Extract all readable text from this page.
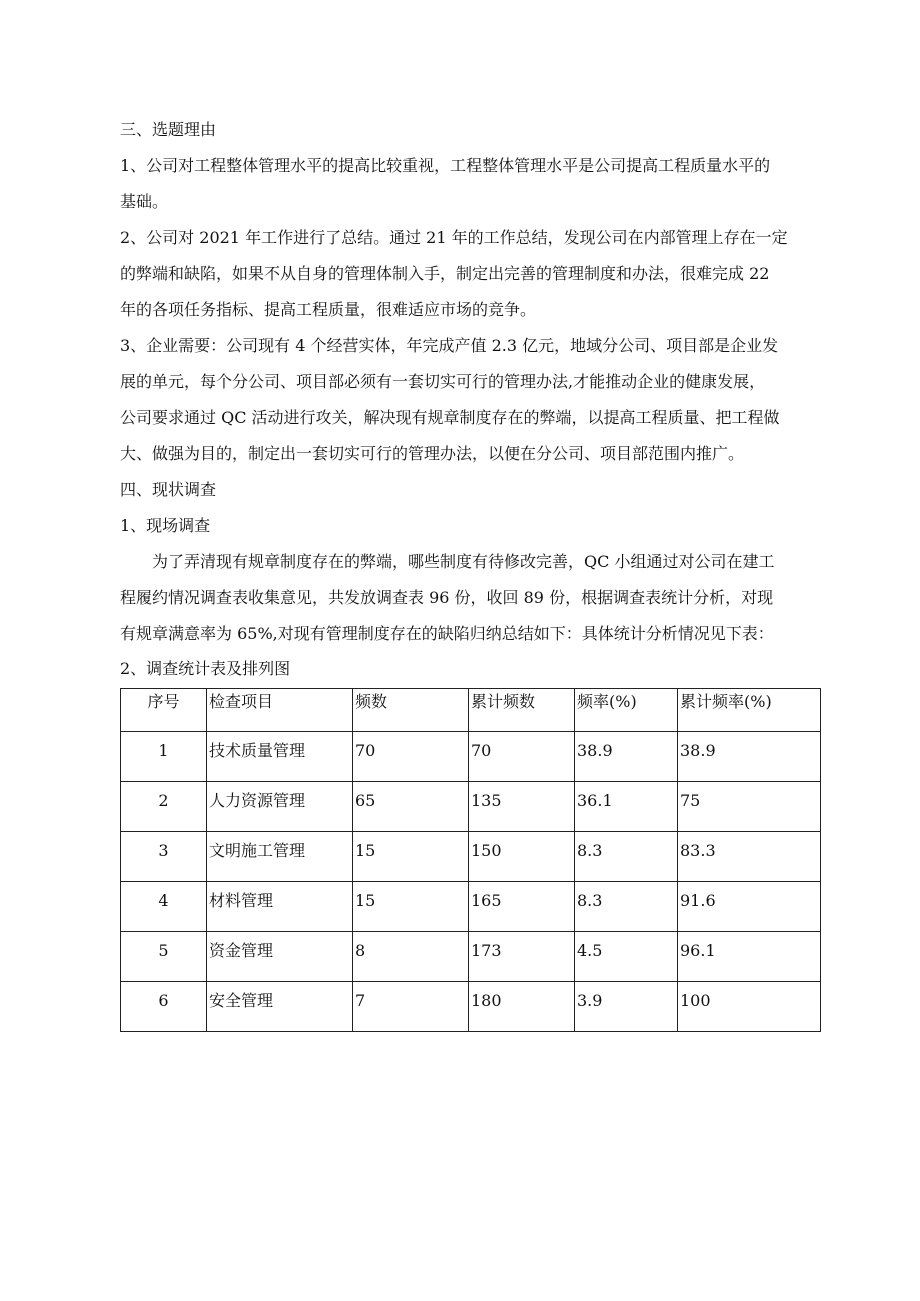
三、选题理由
1、公司对工程整体管理水平的提高比较重视，工程整体管理水平是公司提高工程质量水平的
基础。
2、公司对 2021 年工作进行了总结。通过 21 年的工作总结，发现公司在内部管理上存在一定
的弊端和缺陷，如果不从自身的管理体制入手，制定出完善的管理制度和办法，很难完成 22
年的各项任务指标、提高工程质量，很难适应市场的竞争。
3、企业需要：公司现有 4 个经营实体，年完成产值 2.3 亿元，地域分公司、项目部是企业发
展的单元，每个分公司、项目部必须有一套切实可行的管理办法,才能推动企业的健康发展，
公司要求通过 QC 活动进行攻关，解决现有规章制度存在的弊端，以提高工程质量、把工程做
大、做强为目的，制定出一套切实可行的管理办法，以便在分公司、项目部范围内推广。
四、现状调查
1、现场调查
为了弄清现有规章制度存在的弊端，哪些制度有待修改完善，QC 小组通过对公司在建工
程履约情况调查表收集意见，共发放调查表 96 份，收回 89 份，根据调查表统计分析，对现
有规章满意率为 65%,对现有管理制度存在的缺陷归纳总结如下：具体统计分析情况见下表：
2、调查统计表及排列图
序号	检查项目	频数	累计频数	频率(%)	累计频率(%)
1	技术质量管理	70	70	38.9	38.9
2	人力资源管理	65	135	36.1	75
3	文明施工管理	15	150	8.3	83.3
4	材料管理	15	165	8.3	91.6
5	资金管理	8	173	4.5	96.1
6	安全管理	7	180	3.9	100
